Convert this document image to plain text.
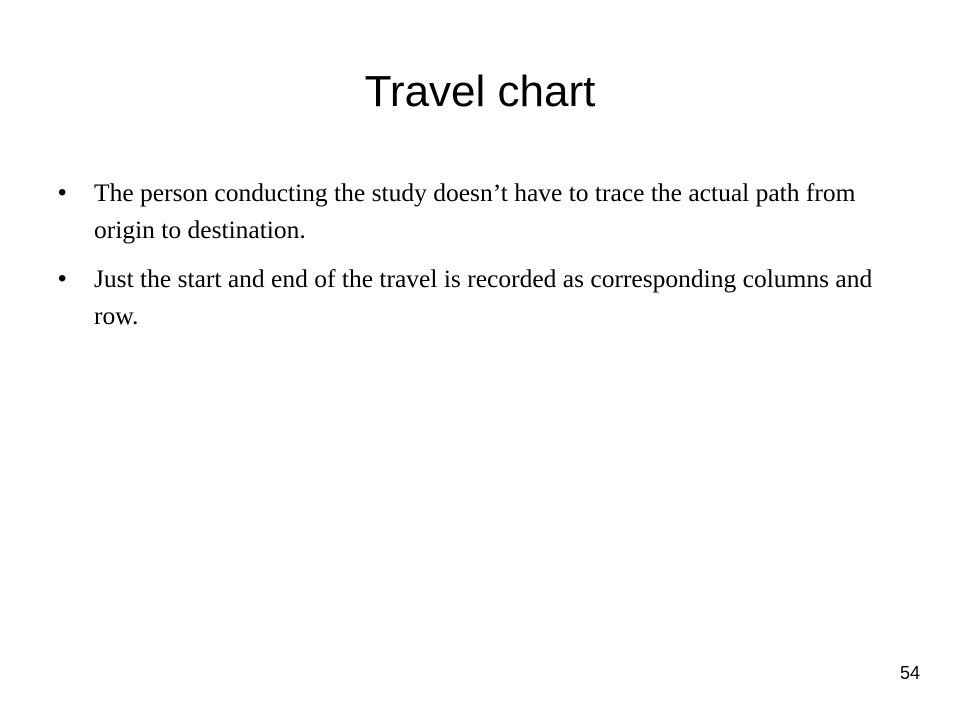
Travel chart
• The person conducting the study doesn’t have to trace the actual path from origin to destination.
• Just the start and end of the travel is recorded as corresponding columns and row.
54
